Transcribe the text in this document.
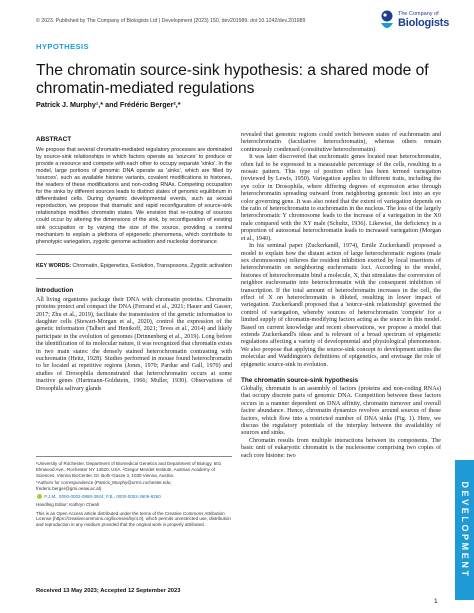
© 2023. Published by The Company of Biologists Ltd | Development (2023) 150, dev201989. doi:10.1242/dev.201989
The Company of
Biologists
HYPOTHESIS
The chromatin source-sink hypothesis: a shared mode of chromatin-mediated regulations
Patrick J. Murphy¹,* and Frédéric Berger²,*
ABSTRACT

We propose that several chromatin-mediated regulatory processes are dominated by source-sink relationships in which factors operate as 'sources' to produce or provide a resource and compete with each other to occupy separate 'sinks'. In the model, large portions of genomic DNA operate as 'sinks', which are filled by 'sources', such as available histone variants, covalent modifications to histones, the readers of these modifications and non-coding RNAs. Competing occupation for the sinks by different sources leads to distinct states of genomic equilibrium in differentiated cells. During dynamic developmental events, such as sexual reproduction, we propose that dramatic and rapid reconfiguration of source-sink relationships modifies chromatin states. We envision that re-routing of sources could occur by altering the dimensions of the sink, by reconfiguration of existing sink occupation or by varying the size of the source, providing a central mechanism to explain a plethora of epigenetic phenomena, which contribute to phenotypic variegation, zygotic genome activation and nucleolar dominance.

KEY WORDS: Chromatin, Epigenetics, Evolution, Transposons, Zygotic activation
Introduction

All living organisms package their DNA with chromatin proteins. Chromatin proteins protect and compact the DNA (Ferrand et al., 2021; Hauer and Gasser, 2017; Zhu et al., 2019), facilitate the transmission of the genetic information to daughter cells (Stewart-Morgan et al., 2020), control the expression of the genetic information (Talbert and Henikoff, 2021; Teves et al., 2014) and likely participate in the evolution of genomes (Drinnenberg et al., 2019). Long before the identification of its molecular nature, it was recognized that chromatin exists in two main states: the densely stained heterochromatin contrasting with euchromatin (Heitz, 1928). Studies performed in mouse found heterochromatin to be located at repetitive regions (Jones, 1970; Pardue and Gall, 1970) and studies of Drosophila demonstrated that heterochromatin occurs at some inactive genes (Hartmann-Goldstein, 1966; Muller, 1930). Observations of Drosophila salivary glands

¹University of Rochester, Department of Biomedical Genetics and Department of Biology, 601 Elmwood Ave., Rochester NY 14620, USA. ²Gregor Mendel Institute, Austrian Academy of Sciences, Vienna BioCenter, Dr. Bohr-Gasse 3, 1030 Vienna, Austria.

*Authors for correspondence (Patrick_Murphy@urmc.rochester.edu; frederic.berger@gmi.oeaw.ac.at)

P.J.M., 0000-0002-0880-3924; F.B., 0000-0002-3609-8260

Handling Editor: Kathryn Cheah

This is an Open Access article distributed under the terms of the Creative Commons Attribution License (https://creativecommons.org/licenses/by/4.0), which permits unrestricted use, distribution and reproduction in any medium provided that the original work is properly attributed.

Received 13 May 2023; Accepted 12 September 2023

revealed that genomic regions could switch between states of euchromatin and heterochromatin (facultative heterochromatin), whereas others remain continuously condensed (constitutive heterochromatin).

It was later discovered that euchromatic genes located near heterochromatin, often fail to be expressed in a measurable percentage of the cells, resulting in a mosaic pattern. This type of position effect has been termed variegation (reviewed by Lewis, 1950). Variegation applies to different traits, including the eye color in Drosophila, where differing degrees of expression arise through heterochromatin spreading outward from neighboring genomic loci into an eye color governing gene. It was also noted that the extent of variegation depends on the ratio of heterochromatin to euchromatin in the nucleus. The loss of the largely heterochromatic Y chromosome leads to the increase of a variegation in the X0 male compared with the XY male (Schultz, 1936). Likewise, the deficiency in a proportion of autosomal heterochromatin leads to increased variegation (Morgan et al., 1940).

In his seminal paper (Zuckerkandl, 1974), Emile Zuckerkandl proposed a model to explain how the distant action of large heterochromatic regions (male sex chromosomes) relieves the resident inhibition exerted by local insertions of heterochromatin on neighboring euchromatic loci. According to the model, histones of heterochromatin bind a molecule, X, that stimulates the conversion of neighbor euchromatin into heterochromatin with the consequent inhibition of transcription. If the total amount of heterochromatin increases in the cell, the effect of X on heterochromatin is diluted, resulting in lower impact of variegation. Zuckerkandl proposed that a 'source-sink relationship' governed the control of variegation, whereby sources of heterochromatin 'compete' for a limited supply of chromatin-modifying factors acting as the source in this model. Based on current knowledge and recent observations, we propose a model that extends Zuckerkandl's ideas and is relevant of a broad spectrum of epigenetic regulations affecting a variety of developmental and physiological phenomenon. We also propose that applying the source-sink concept to development unites the molecular and Waddington's definitions of epigenetics, and envisage the role of epigenetic source-sink in evolution.

The chromatin source-sink hypothesis

Globally, chromatin is an assembly of factors (proteins and non-coding RNAs) that occupy discrete parts of genomic DNA. Competition between these factors occurs in a manner dependent on DNA affinity, chromatin turnover and overall factor abundance. Hence, chromatin dynamics revolves around sources of these factors, which flow into a restricted number of DNA sinks (Fig. 1). Here, we discuss the regulatory potentials of the interplay between the availability of sources and sinks.

Chromatin results from multiple interactions between its components. The basic unit of eukaryotic chromatin is the nucleosome comprising two copies of each core histone: two

DEVELOPMENT
1
